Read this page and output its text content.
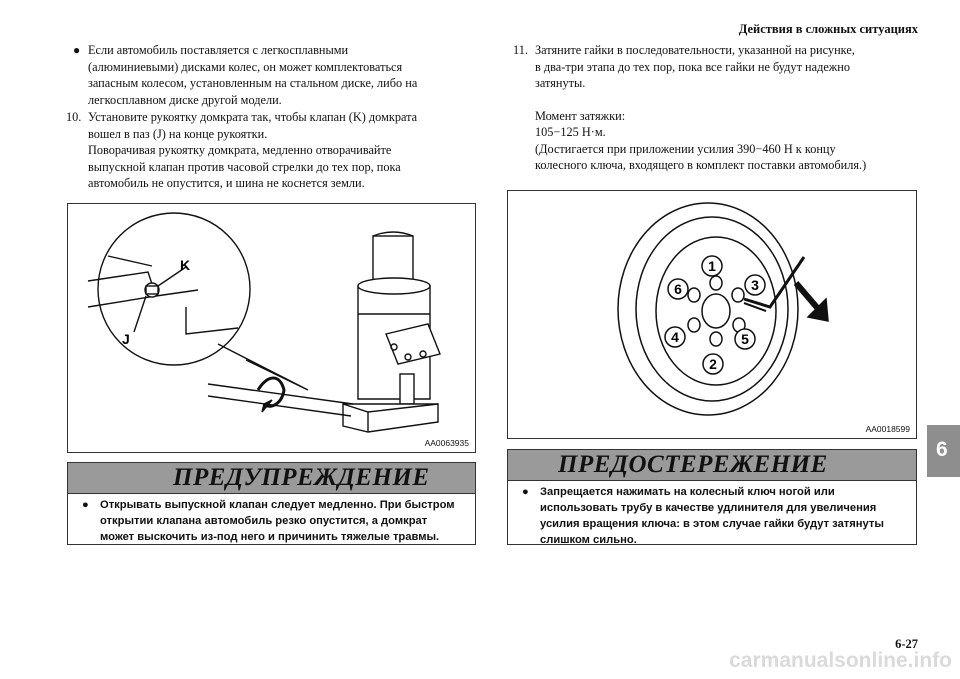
Действия в сложных ситуациях
● Если автомобиль поставляется с легкосплавными
(алюминиевыми) дисками колес, он может комплектоваться
запасным колесом, установленным на стальном диске, либо на
легкосплавном диске другой модели.
10. Установите рукоятку домкрата так, чтобы клапан (K) домкрата
вошел в паз (J) на конце рукоятки.
Поворачивая рукоятку домкрата, медленно отворачивайте
выпускной клапан против часовой стрелки до тех пор, пока
автомобиль не опустится, и шина не коснется земли.
11. Затяните гайки в последовательности, указанной на рисунке,
в два-три этапа до тех пор, пока все гайки не будут надежно
затянуты.
Момент затяжки:
105−125 Н·м.
(Достигается при приложении усилия 390−460 Н к концу
колесного ключа, входящего в комплект поставки автомобиля.)
K
J
AA0063935
1
2
3
4	5
6
AA0018599
ПРЕДУПРЕЖДЕНИЕ
● Открывать выпускной клапан следует медленно. При быстром
открытии клапана автомобиль резко опустится, а домкрат
может выскочить из-под него и причинить тяжелые травмы.
ПРЕДОСТЕРЕЖЕНИЕ
● Запрещается нажимать на колесный ключ ногой или
использовать трубу в качестве удлинителя для увеличения
усилия вращения ключа: в этом случае гайки будут затянуты
слишком сильно.
6
6-27
carmanualsonline.info
